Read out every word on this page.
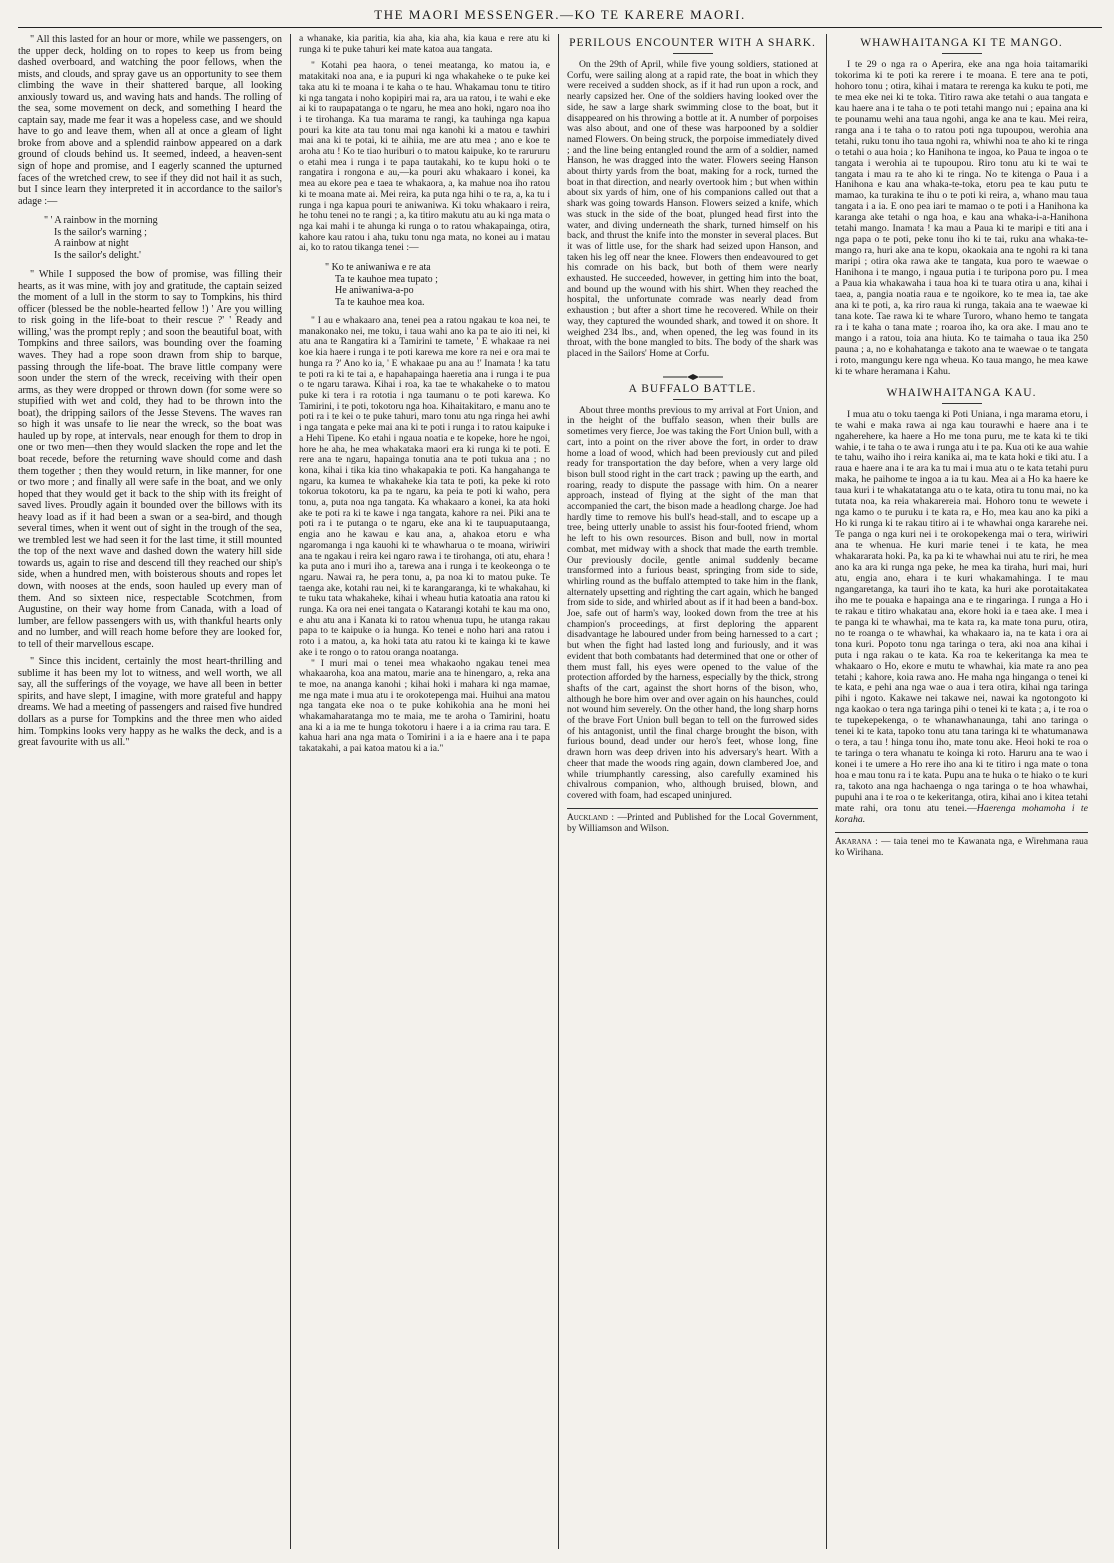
THE MAORI MESSENGER.—KO TE KARERE MAORI.

" All this lasted for an hour or more, while we passengers, on the upper deck, holding on to ropes to keep us from being dashed overboard, and watching the poor fellows, when the mists, and clouds, and spray gave us an opportunity to see them climbing the wave in their shattered barque, all looking anxiously toward us, and waving hats and hands. The rolling of the sea, some movement on deck, and something I heard the captain say, made me fear it was a hopeless case, and we should have to go and leave them, when all at once a gleam of light broke from above and a splendid rainbow appeared on a dark ground of clouds behind us. It seemed, indeed, a heaven-sent sign of hope and promise, and I eagerly scanned the upturned faces of the wretched crew, to see if they did not hail it as such, but I since learn they interpreted it in accordance to the sailor's adage :—

" ' A rainbow in the morning
Is the sailor's warning ;
A rainbow at night
Is the sailor's delight.'

" While I supposed the bow of promise, was filling their hearts, as it was mine, with joy and gratitude, the captain seized the moment of a lull in the storm to say to Tompkins, his third officer (blessed be the noble-hearted fellow !) ' Are you willing to risk going in the life-boat to their rescue ?' ' Ready and willing,' was the prompt reply ; and soon the beautiful boat, with Tompkins and three sailors, was bounding over the foaming waves. They had a rope soon drawn from ship to barque, passing through the life-boat. The brave little company were soon under the stern of the wreck, receiving with their open arms, as they were dropped or thrown down (for some were so stupified with wet and cold, they had to be thrown into the boat), the dripping sailors of the Jesse Stevens. The waves ran so high it was unsafe to lie near the wreck, so the boat was hauled up by rope, at intervals, near enough for them to drop in one or two men—then they would slacken the rope and let the boat recede, before the returning wave should come and dash them together ; then they would return, in like manner, for one or two more ; and finally all were safe in the boat, and we only hoped that they would get it back to the ship with its freight of saved lives. Proudly again it bounded over the billows with its heavy load as if it had been a swan or a sea-bird, and though several times, when it went out of sight in the trough of the sea, we trembled lest we had seen it for the last time, it still mounted the top of the next wave and dashed down the watery hill side towards us, again to rise and descend till they reached our ship's side, when a hundred men, with boisterous shouts and ropes let down, with nooses at the ends, soon hauled up every man of them. And so sixteen nice, respectable Scotchmen, from Augustine, on their way home from Canada, with a load of lumber, are fellow passengers with us, with thankful hearts only and no lumber, and will reach home before they are looked for, to tell of their marvellous escape.

" Since this incident, certainly the most heart-thrilling and sublime it has been my lot to witness, and well worth, we all say, all the sufferings of the voyage, we have all been in better spirits, and have slept, I imagine, with more grateful and happy dreams. We had a meeting of passengers and raised five hundred dollars as a purse for Tompkins and the three men who aided him. Tompkins looks very happy as he walks the deck, and is a great favourite with us all."

a whanake, kia paritia, kia aha, kia aha, kia kaua e rere atu ki runga ki te puke tahuri kei mate katoa aua tangata.

" Kotahi pea haora, o tenei meatanga, ko matou ia, e matakitaki noa ana, e ia pupuri ki nga whakaheke o te puke kei taka atu ki te moana i te kaha o te hau. Whakamau tonu te titiro ki nga tangata i noho kopipiri mai ra, ara ua ratou, i te wahi e eke ai ki to raupapatanga o te ngaru, he mea ano hoki, ngaro noa iho i te tirohanga. Ka tua marama te rangi, ka tauhinga nga kapua pouri ka kite ata tau tonu mai nga kanohi ki a matou e tawhiri mai ana ki te potai, ki te aihiia, me are atu mea ; ano e koe te aroha atu ! Ko te tiao huriburi o to matou kaipuke, ko te rarururu o etahi mea i runga i te papa tautakahi, ko te kupu hoki o te rangatira i rongona e au,—ka pouri aku whakaaro i konei, ka mea au ekore pea e taea te whakaora, a, ka mahue noa iho ratou ki te moana mate ai. Mei reira, ka puta nga hihi o te ra, a, ka tu i runga i nga kapua pouri te aniwaniwa. Ki toku whakaaro i reira, he tohu tenei no te rangi ; a, ka titiro makutu atu au ki nga mata o nga kai mahi i te ahunga ki runga o to ratou whakapainga, otira, kahore kau ratou i aha, tuku tonu nga mata, no konei au i matau ai, ko to ratou tikanga tenei :—

" Ko te aniwaniwa e re ata
Ta te kauhoe mea tupato ;
He aniwaniwa-a-po
Ta te kauhoe mea koa.

" I au e whakaaro ana, tenei pea a ratou ngakau te koa nei, te manakonako nei, me toku, i taua wahi ano ka pa te aio iti nei, ki atu ana te Rangatira ki a Tamirini te tamete, ' E whakaae ra nei koe kia haere i runga i te poti karewa me kore ra nei e ora mai te hunga ra ?' Ano ko ia, ' E whakaae pu ana au !' Inamata ! ka tatu te poti ra ki te tai a, e hapahapainga haeretia ana i runga i te pua o te ngaru tarawa. Kihai i roa, ka tae te whakaheke o to matou puke ki tera i ra rototia i nga taumanu o te poti karewa. Ko Tamirini, i te poti, tokotoru nga hoa. Kihaitakitaro, e manu ano te poti ra i te kei o te puke tahuri, maro tonu atu nga ringa hei awhi i nga tangata e peke mai ana ki te poti i runga i to ratou kaipuke i a Hehi Tipene. Ko etahi i ngaua noatia e te kopeke, hore he ngoi, hore he aha, he mea whakataka maori era ki runga ki te poti. E rere ana te ngaru, hapainga tonutia ana te poti tukua ana ; no kona, kihai i tika kia tino whakapakia te poti. Ka hangahanga te ngaru, ka kumea te whakaheke kia tata te poti, ka peke ki roto tokorua tokotoru, ka pa te ngaru, ka peia te poti ki waho, pera tonu, a, puta noa nga tangata. Ka whakaaro a konei, ka ata hoki ake te poti ra ki te kawe i nga tangata, kahore ra nei. Piki ana te poti ra i te putanga o te ngaru, eke ana ki te taupuaputaanga, engia ano he kawau e kau ana, a, ahakoa etoru e wha ngaromanga i nga kauohi ki te whawharua o te moana, wiriwiri ana te ngakau i reira kei ngaro rawa i te tirohanga, oti atu, ehara ! ka puta ano i muri iho a, tarewa ana i runga i te keokeonga o te ngaru. Nawai ra, he pera tonu, a, pa noa ki to matou puke. Te taenga ake, kotahi rau nei, ki te karangaranga, ki te whakahau, ki te tuku tata whakaheke, kihai i wheau hutia katoatia ana ratou ki runga. Ka ora nei enei tangata o Katarangi kotahi te kau ma ono, e ahu atu ana i Kanata ki to ratou whenua tupu, he utanga rakau papa to te kaipuke o ia hunga. Ko tenei e noho hari ana ratou i roto i a matou, a, ka hoki tata atu ratou ki te kainga ki te kawe ake i te rongo o to ratou oranga noatanga.

" I muri mai o tenei mea whakaoho ngakau tenei mea whakaaroha, koa ana matou, marie ana te hinengaro, a, reka ana te moe, na ananga kanohi ; kihai hoki i mahara ki nga mamae, me nga mate i mua atu i te orokotepenga mai. Huihui ana matou nga tangata eke noa o te puke kohikohia ana he moni hei whakamaharatanga mo te maia, me te aroha o Tamirini, hoatu ana ki a ia me te hunga tokotoru i haere i a ia crima rau tara. E kahua hari ana nga mata o Tomirini i a ia e haere ana i te papa takatakahi, a pai katoa matou ki a ia."

PERILOUS ENCOUNTER WITH A SHARK.

On the 29th of April, while five young soldiers, stationed at Corfu, were sailing along at a rapid rate, the boat in which they were received a sudden shock, as if it had run upon a rock, and nearly capsized her. One of the soldiers having looked over the side, he saw a large shark swimming close to the boat, but it disappeared on his throwing a bottle at it. A number of porpoises was also about, and one of these was harpooned by a soldier named Flowers. On being struck, the porpoise immediately dived ; and the line being entangled round the arm of a soldier, named Hanson, he was dragged into the water. Flowers seeing Hanson about thirty yards from the boat, making for a rock, turned the boat in that direction, and nearly overtook him ; but when within about six yards of him, one of his companions called out that a shark was going towards Hanson. Flowers seized a knife, which was stuck in the side of the boat, plunged head first into the water, and diving underneath the shark, turned himself on his back, and thrust the knife into the monster in several places. But it was of little use, for the shark had seized upon Hanson, and taken his leg off near the knee. Flowers then endeavoured to get his comrade on his back, but both of them were nearly exhausted. He succeeded, however, in getting him into the boat, and bound up the wound with his shirt. When they reached the hospital, the unfortunate comrade was nearly dead from exhaustion ; but after a short time he recovered. While on their way, they captured the wounded shark, and towed it on shore. It weighed 234 lbs., and, when opened, the leg was found in its throat, with the bone mangled to bits. The body of the shark was placed in the Sailors' Home at Corfu.

A BUFFALO BATTLE.

About three months previous to my arrival at Fort Union, and in the height of the buffalo season, when their bulls are sometimes very fierce, Joe was taking the Fort Union bull, with a cart, into a point on the river above the fort, in order to draw home a load of wood, which had been previously cut and piled ready for transportation the day before, when a very large old bison bull stood right in the cart track ; pawing up the earth, and roaring, ready to dispute the passage with him. On a nearer approach, instead of flying at the sight of the man that accompanied the cart, the bison made a headlong charge. Joe had hardly time to remove his bull's head-stall, and to escape up a tree, being utterly unable to assist his four-footed friend, whom he left to his own resources. Bison and bull, now in mortal combat, met midway with a shock that made the earth tremble. Our previously docile, gentle animal suddenly became transformed into a furious beast, springing from side to side, whirling round as the buffalo attempted to take him in the flank, alternately upsetting and righting the cart again, which he banged from side to side, and whirled about as if it had been a band-box. Joe, safe out of harm's way, looked down from the tree at his champion's proceedings, at first deploring the apparent disadvantage he laboured under from being harnessed to a cart ; but when the fight had lasted long and furiously, and it was evident that both combatants had determined that one or other of them must fall, his eyes were opened to the value of the protection afforded by the harness, especially by the thick, strong shafts of the cart, against the short horns of the bison, who, although he bore him over and over again on his haunches, could not wound him severely. On the other hand, the long sharp horns of the brave Fort Union bull began to tell on the furrowed sides of his antagonist, until the final charge brought the bison, with furious bound, dead under our hero's feet, whose long, fine drawn horn was deep driven into his adversary's heart. With a cheer that made the woods ring again, down clambered Joe, and while triumphantly caressing, also carefully examined his chivalrous companion, who, although bruised, blown, and covered with foam, had escaped uninjured.

Auckland : —Printed and Published for the Local Government, by Williamson and Wilson.
WHAWHAITANGA KI TE MANGO.

I te 29 o nga ra o Aperira, eke ana nga hoia taitamariki tokorima ki te poti ka rerere i te moana. E tere ana te poti, hohoro tonu ; otira, kihai i matara te rerenga ka kuku te poti, me te mea eke nei ki te toka. Titiro rawa ake tetahi o aua tangata e kau haere ana i te taha o te poti tetahi mango nui ; epaina ana ki te pounamu wehi ana taua ngohi, anga ke ana te kau. Mei reira, ranga ana i te taha o to ratou poti nga tupoupou, werohia ana tetahi, ruku tonu iho taua ngohi ra, whiwhi noa te aho ki te ringa o tetahi o aua hoia ; ko Hanihona te ingoa, ko Paua te ingoa o te tangata i werohia ai te tupoupou. Riro tonu atu ki te wai te tangata i mau ra te aho ki te ringa. No te kitenga o Paua i a Hanihona e kau ana whaka-te-toka, etoru pea te kau putu te mamao, ka turakina te ihu o te poti ki reira, a, whano mau taua tangata i a ia. E ono pea iari te mamao o te poti i a Hanihona ka karanga ake tetahi o nga hoa, e kau ana whaka-i-a-Hanihona tetahi mango. Inamata ! ka mau a Paua ki te maripi e titi ana i nga papa o te poti, peke tonu iho ki te tai, ruku ana whaka-te-mango ra, huri ake ana te kopu, okaokaia ana te ngohi ra ki tana maripi ; otira oka rawa ake te tangata, kua poro te waewae o Hanihona i te mango, i ngaua putia i te turipona poro pu. I mea a Paua kia whakawaha i taua hoa ki te tuara otira u ana, kihai i taea, a, pangia noatia raua e te ngoikore, ko te mea ia, tae ake ana ki te poti, a, ka riro raua ki runga, takaia ana te waewae ki tana kote. Tae rawa ki te whare Turoro, whano hemo te tangata ra i te kaha o tana mate ; roaroa iho, ka ora ake. I mau ano te mango i a ratou, toia ana hiuta. Ko te taimaha o taua ika 250 pauna ; a, no e kohahatanga e takoto ana te waewae o te tangata i roto, mangungu kere nga wheua. Ko taua mango, he mea kawe ki te whare heramana i Kahu.

WHAIWHAITANGA KAU.

I mua atu o toku taenga ki Poti Uniana, i nga marama etoru, i te wahi e maka rawa ai nga kau tourawhi e haere ana i te ngaherehere, ka haere a Ho me tona puru, me te kata ki te tiki wahie, i te taha o te awa i runga atu i te pa. Kua oti ke aua wahie te tahu, waiho iho i reira kanika ai, ma te kata hoki e tiki atu. I a raua e haere ana i te ara ka tu mai i mua atu o te kata tetahi puru maka, he paihome te ingoa a ia tu kau. Mea ai a Ho ka haere ke taua kuri i te whakatatanga atu o te kata, otira tu tonu mai, no ka tutata noa, ka reia whakarereia mai. Hohoro tonu te wewete i nga kamo o te puruku i te kata ra, e Ho, mea kau ano ka piki a Ho ki runga ki te rakau titiro ai i te whawhai onga kararehe nei. Te panga o nga kuri nei i te orokopekenga mai o tera, wiriwiri ana te whenua. He kuri marie tenei i te kata, he mea whakararata hoki. Pa, ka pa ki te whawhai nui atu te riri, he mea ano ka ara ki runga nga peke, he mea ka tiraha, huri mai, huri atu, engia ano, ehara i te kuri whakamahinga. I te mau ngangaretanga, ka tauri iho te kata, ka huri ake porotaitakatea iho me te pouaka e hapainga ana e te ringaringa. I runga a Ho i te rakau e titiro whakatau ana, ekore hoki ia e taea ake. I mea i te panga ki te whawhai, ma te kata ra, ka mate tona puru, otira, no te roanga o te whawhai, ka whakaaro ia, na te kata i ora ai tona kuri. Popoto tonu nga taringa o tera, aki noa ana kihai i puta i nga rakau o te kata. Ka roa te kekeritanga ka mea te whakaaro o Ho, ekore e mutu te whawhai, kia mate ra ano pea tetahi ; kahore, koia rawa ano. He maha nga hinganga o tenei ki te kata, e pehi ana nga wae o aua i tera otira, kihai nga taringa pihi i ngoto. Kakawe nei takawe nei, nawai ka ngotongoto ki nga kaokao o tera nga taringa pihi o tenei ki te kata ; a, i te roa o te tupekepekenga, o te whanawhanaunga, tahi ano taringa o tenei ki te kata, tapoko tonu atu tana taringa ki te whatumanawa o tera, a tau ! hinga tonu iho, mate tonu ake. Heoi hoki te roa o te taringa o tera whanatu te koinga ki roto. Haruru ana te wao i konei i te umere a Ho rere iho ana ki te titiro i nga mate o tona hoa e mau tonu ra i te kata. Pupu ana te huka o te hiako o te kuri ra, takoto ana nga hachaenga o nga taringa o te hoa whawhai, pupuhi ana i te roa o te kekeritanga, otira, kihai ano i kitea tetahi mate rahi, ora tonu atu tenei.—Haerenga mohamoha i te koraha.

Akarana : — taia tenei mo te Kawanata nga, e Wirehmana raua ko Wirihana.
